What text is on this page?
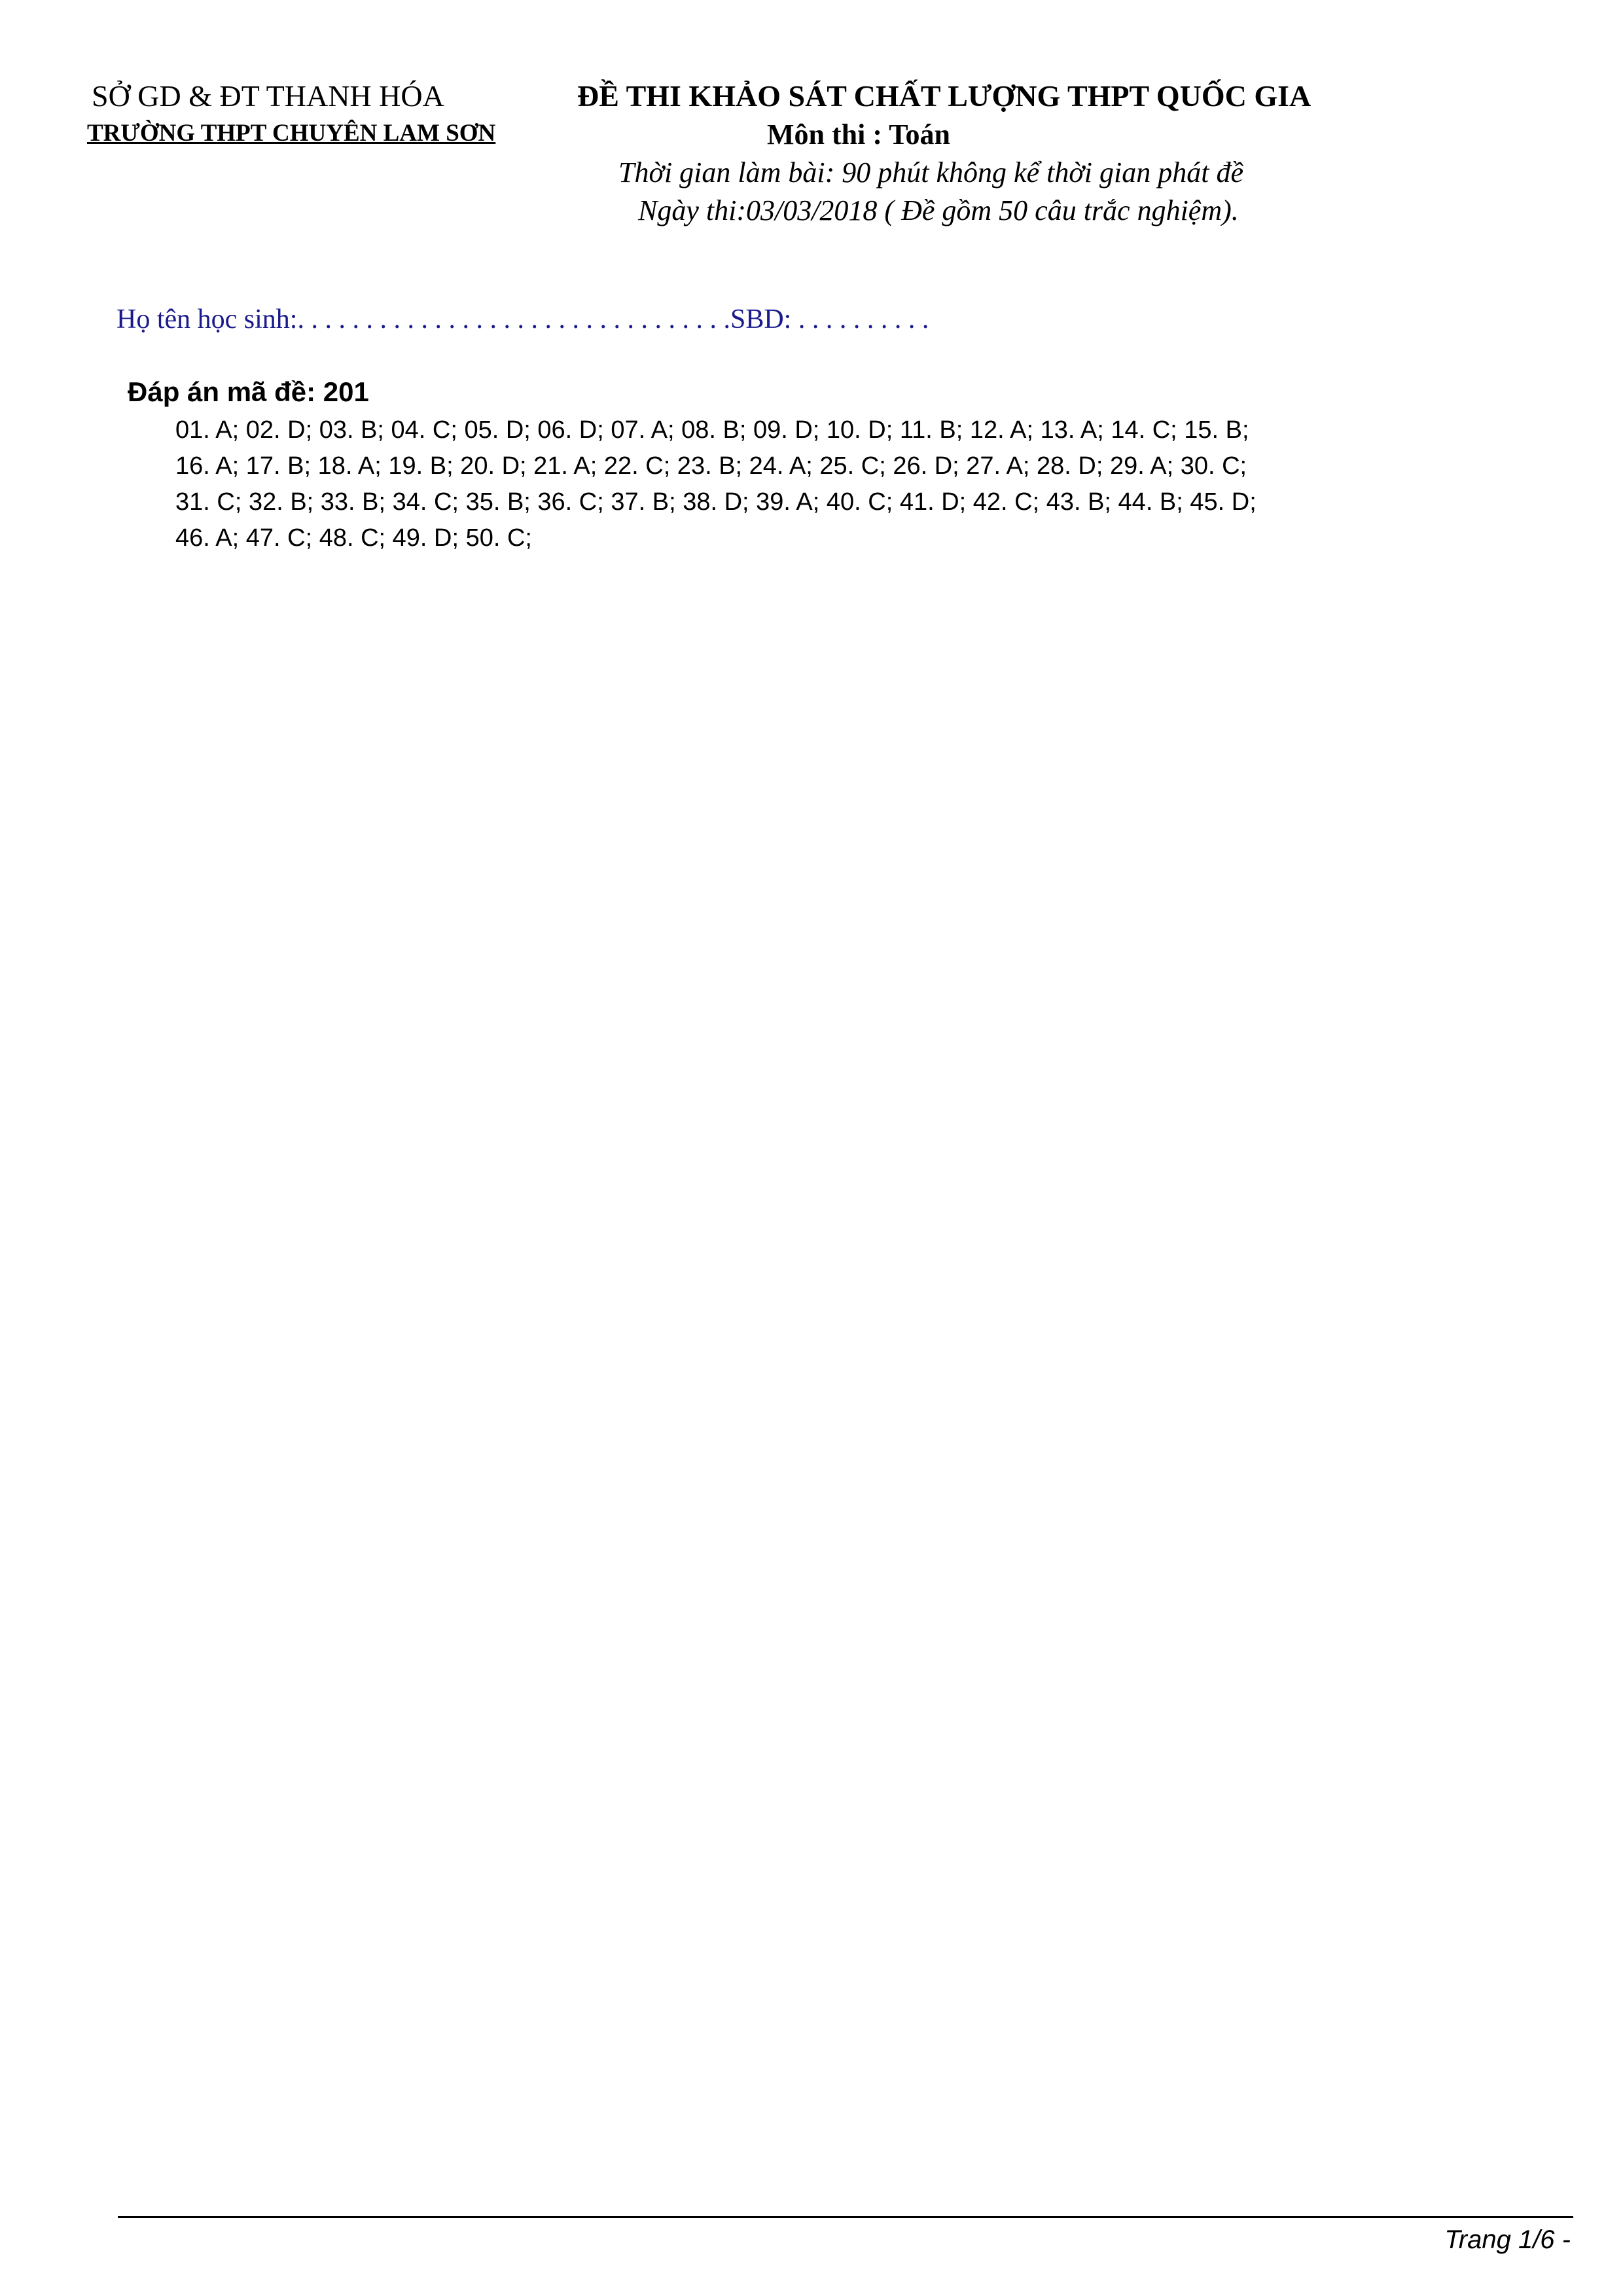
SỞ GD & ĐT THANH HÓA
TRƯỜNG THPT CHUYÊN LAM SƠN
ĐỀ THI KHẢO SÁT CHẤT LƯỢNG THPT QUỐC GIA
Môn thi : Toán
Thời gian làm bài: 90 phút không kể thời gian phát đề
Ngày thi:03/03/2018 ( Đề gồm 50 câu trắc nghiệm).
Họ tên học sinh:. . . . . . . . . . . . . . . . . . . . . . . . . . . . . . . .SBD: . . . . . . . . . .
Đáp án mã đề: 201
01. A; 02. D; 03. B; 04. C; 05. D; 06. D; 07. A; 08. B; 09. D; 10. D; 11. B; 12. A; 13. A; 14. C; 15. B;
16. A; 17. B; 18. A; 19. B; 20. D; 21. A; 22. C; 23. B; 24. A; 25. C; 26. D; 27. A; 28. D; 29. A; 30. C;
31. C; 32. B; 33. B; 34. C; 35. B; 36. C; 37. B; 38. D; 39. A; 40. C; 41. D; 42. C; 43. B; 44. B; 45. D;
46. A; 47. C; 48. C; 49. D; 50. C;
Trang 1/6 -
